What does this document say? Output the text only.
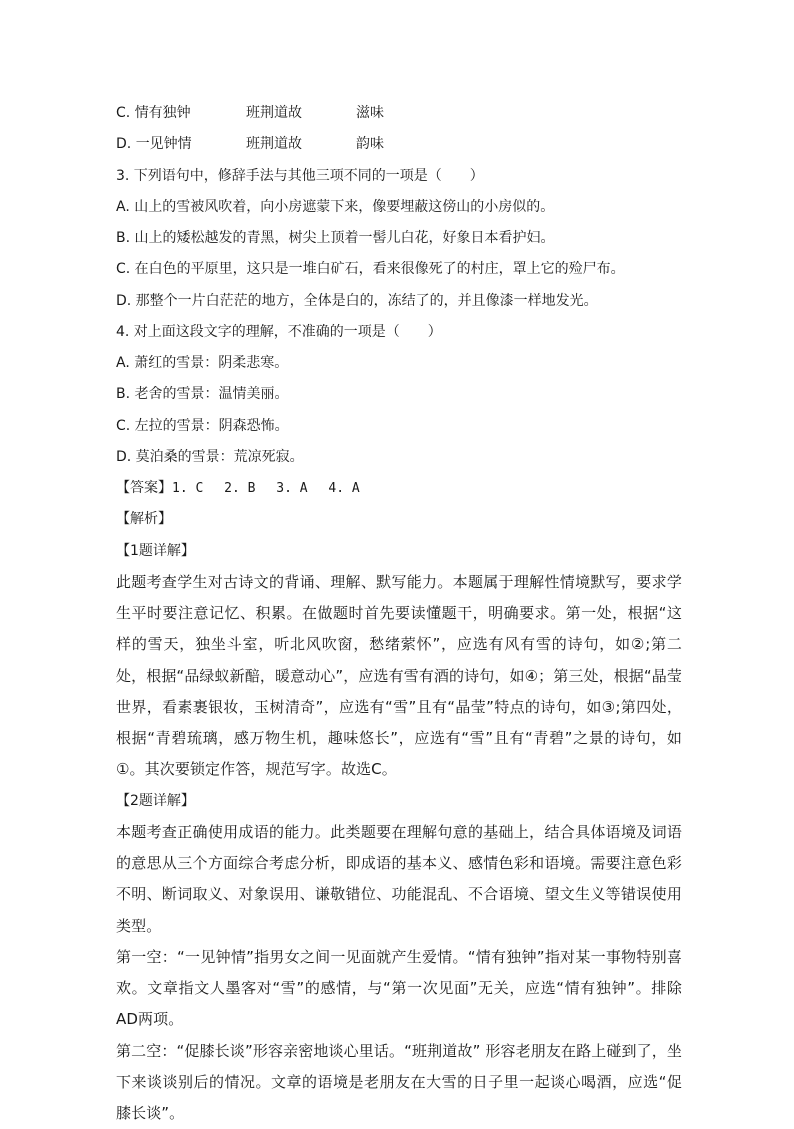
C. 情有独钟	班荆道故	滋味
D. 一见钟情	班荆道故	韵味
3. 下列语句中，修辞手法与其他三项不同的一项是（　　）
A. 山上的雪被风吹着，向小房遮蒙下来，像要埋蔽这傍山的小房似的。
B. 山上的矮松越发的青黑，树尖上顶着一髻儿白花，好象日本看护妇。
C. 在白色的平原里，这只是一堆白矿石，看来很像死了的村庄，罩上它的殓尸布。
D. 那整个一片白茫茫的地方，全体是白的，冻结了的，并且像漆一样地发光。
4. 对上面这段文字的理解，不准确的一项是（　　）
A. 萧红的雪景：阴柔悲寒。
B. 老舍的雪景：温情美丽。
C. 左拉的雪景：阴森恐怖。
D. 莫泊桑的雪景：荒凉死寂。
【答案】1. C　 2. B　 3. A　 4. A
【解析】
【1题详解】

此题考查学生对古诗文的背诵、理解、默写能力。本题属于理解性情境默写，要求学生平时要注意记忆、积累。在做题时首先要读懂题干，明确要求。第一处，根据“这样的雪天，独坐斗室，听北风吹窗，愁绪萦怀”，应选有风有雪的诗句，如②;第二处，根据“品绿蚁新醅，暖意动心”，应选有雪有酒的诗句，如④；第三处，根据“晶莹世界，看素裹银妆，玉树清奇”，应选有“雪”且有“晶莹”特点的诗句，如③;第四处，根据“青碧琉璃，感万物生机，趣味悠长”，应选有“雪”且有“青碧”之景的诗句，如①。其次要锁定作答，规范写字。故选C。

【2题详解】

本题考查正确使用成语的能力。此类题要在理解句意的基础上，结合具体语境及词语的意思从三个方面综合考虑分析，即成语的基本义、感情色彩和语境。需要注意色彩不明、断词取义、对象误用、谦敬错位、功能混乱、不合语境、望文生义等错误使用类型。

第一空：“一见钟情”指男女之间一见面就产生爱情。“情有独钟”指对某一事物特别喜欢。文章指文人墨客对“雪”的感情，与“第一次见面”无关，应选“情有独钟”。排除AD两项。

第二空：“促膝长谈”形容亲密地谈心里话。“班荆道故” 形容老朋友在路上碰到了，坐下来谈谈别后的情况。文章的语境是老朋友在大雪的日子里一起谈心喝酒，应选“促膝长谈”。
